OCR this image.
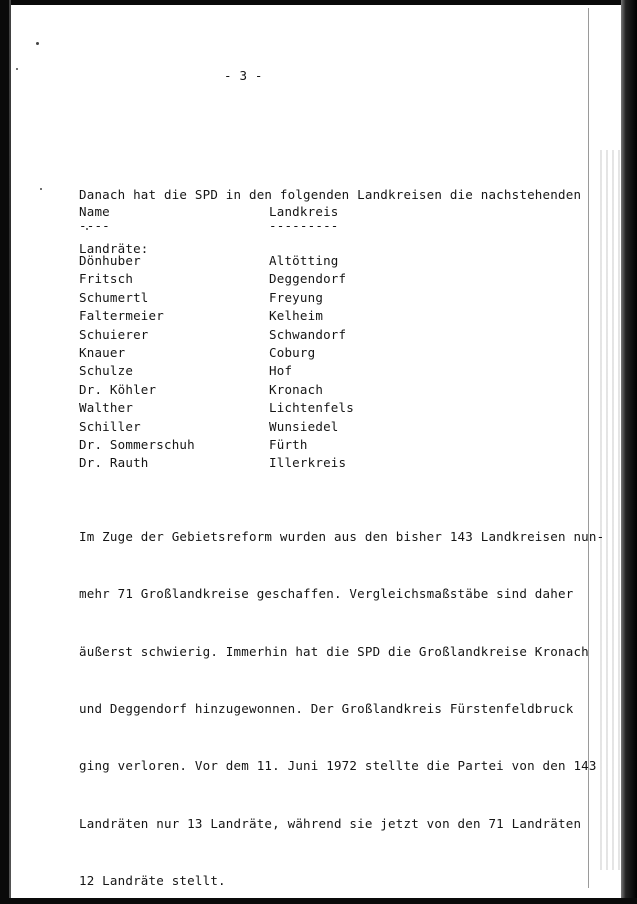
- 3 -

Danach hat die SPD in den folgenden Landkreisen die nachstehenden

Landräte:

Name	Landkreis
----	---------
Dönhuber	Altötting
Fritsch	Deggendorf
Schumertl	Freyung
Faltermeier	Kelheim
Schuierer	Schwandorf
Knauer	Coburg
Schulze	Hof
Dr. Köhler	Kronach
Walther	Lichtenfels
Schiller	Wunsiedel
Dr. Sommerschuh	Fürth
Dr. Rauth	Illerkreis

Im Zuge der Gebietsreform wurden aus den bisher 143 Landkreisen nun-

mehr 71 Großlandkreise geschaffen. Vergleichsmaßstäbe sind daher

äußerst schwierig. Immerhin hat die SPD die Großlandkreise Kronach

und Deggendorf hinzugewonnen. Der Großlandkreis Fürstenfeldbruck

ging verloren. Vor dem 11. Juni 1972 stellte die Partei von den 143

Landräten nur 13 Landräte, während sie jetzt von den 71 Landräten

12 Landräte stellt.
